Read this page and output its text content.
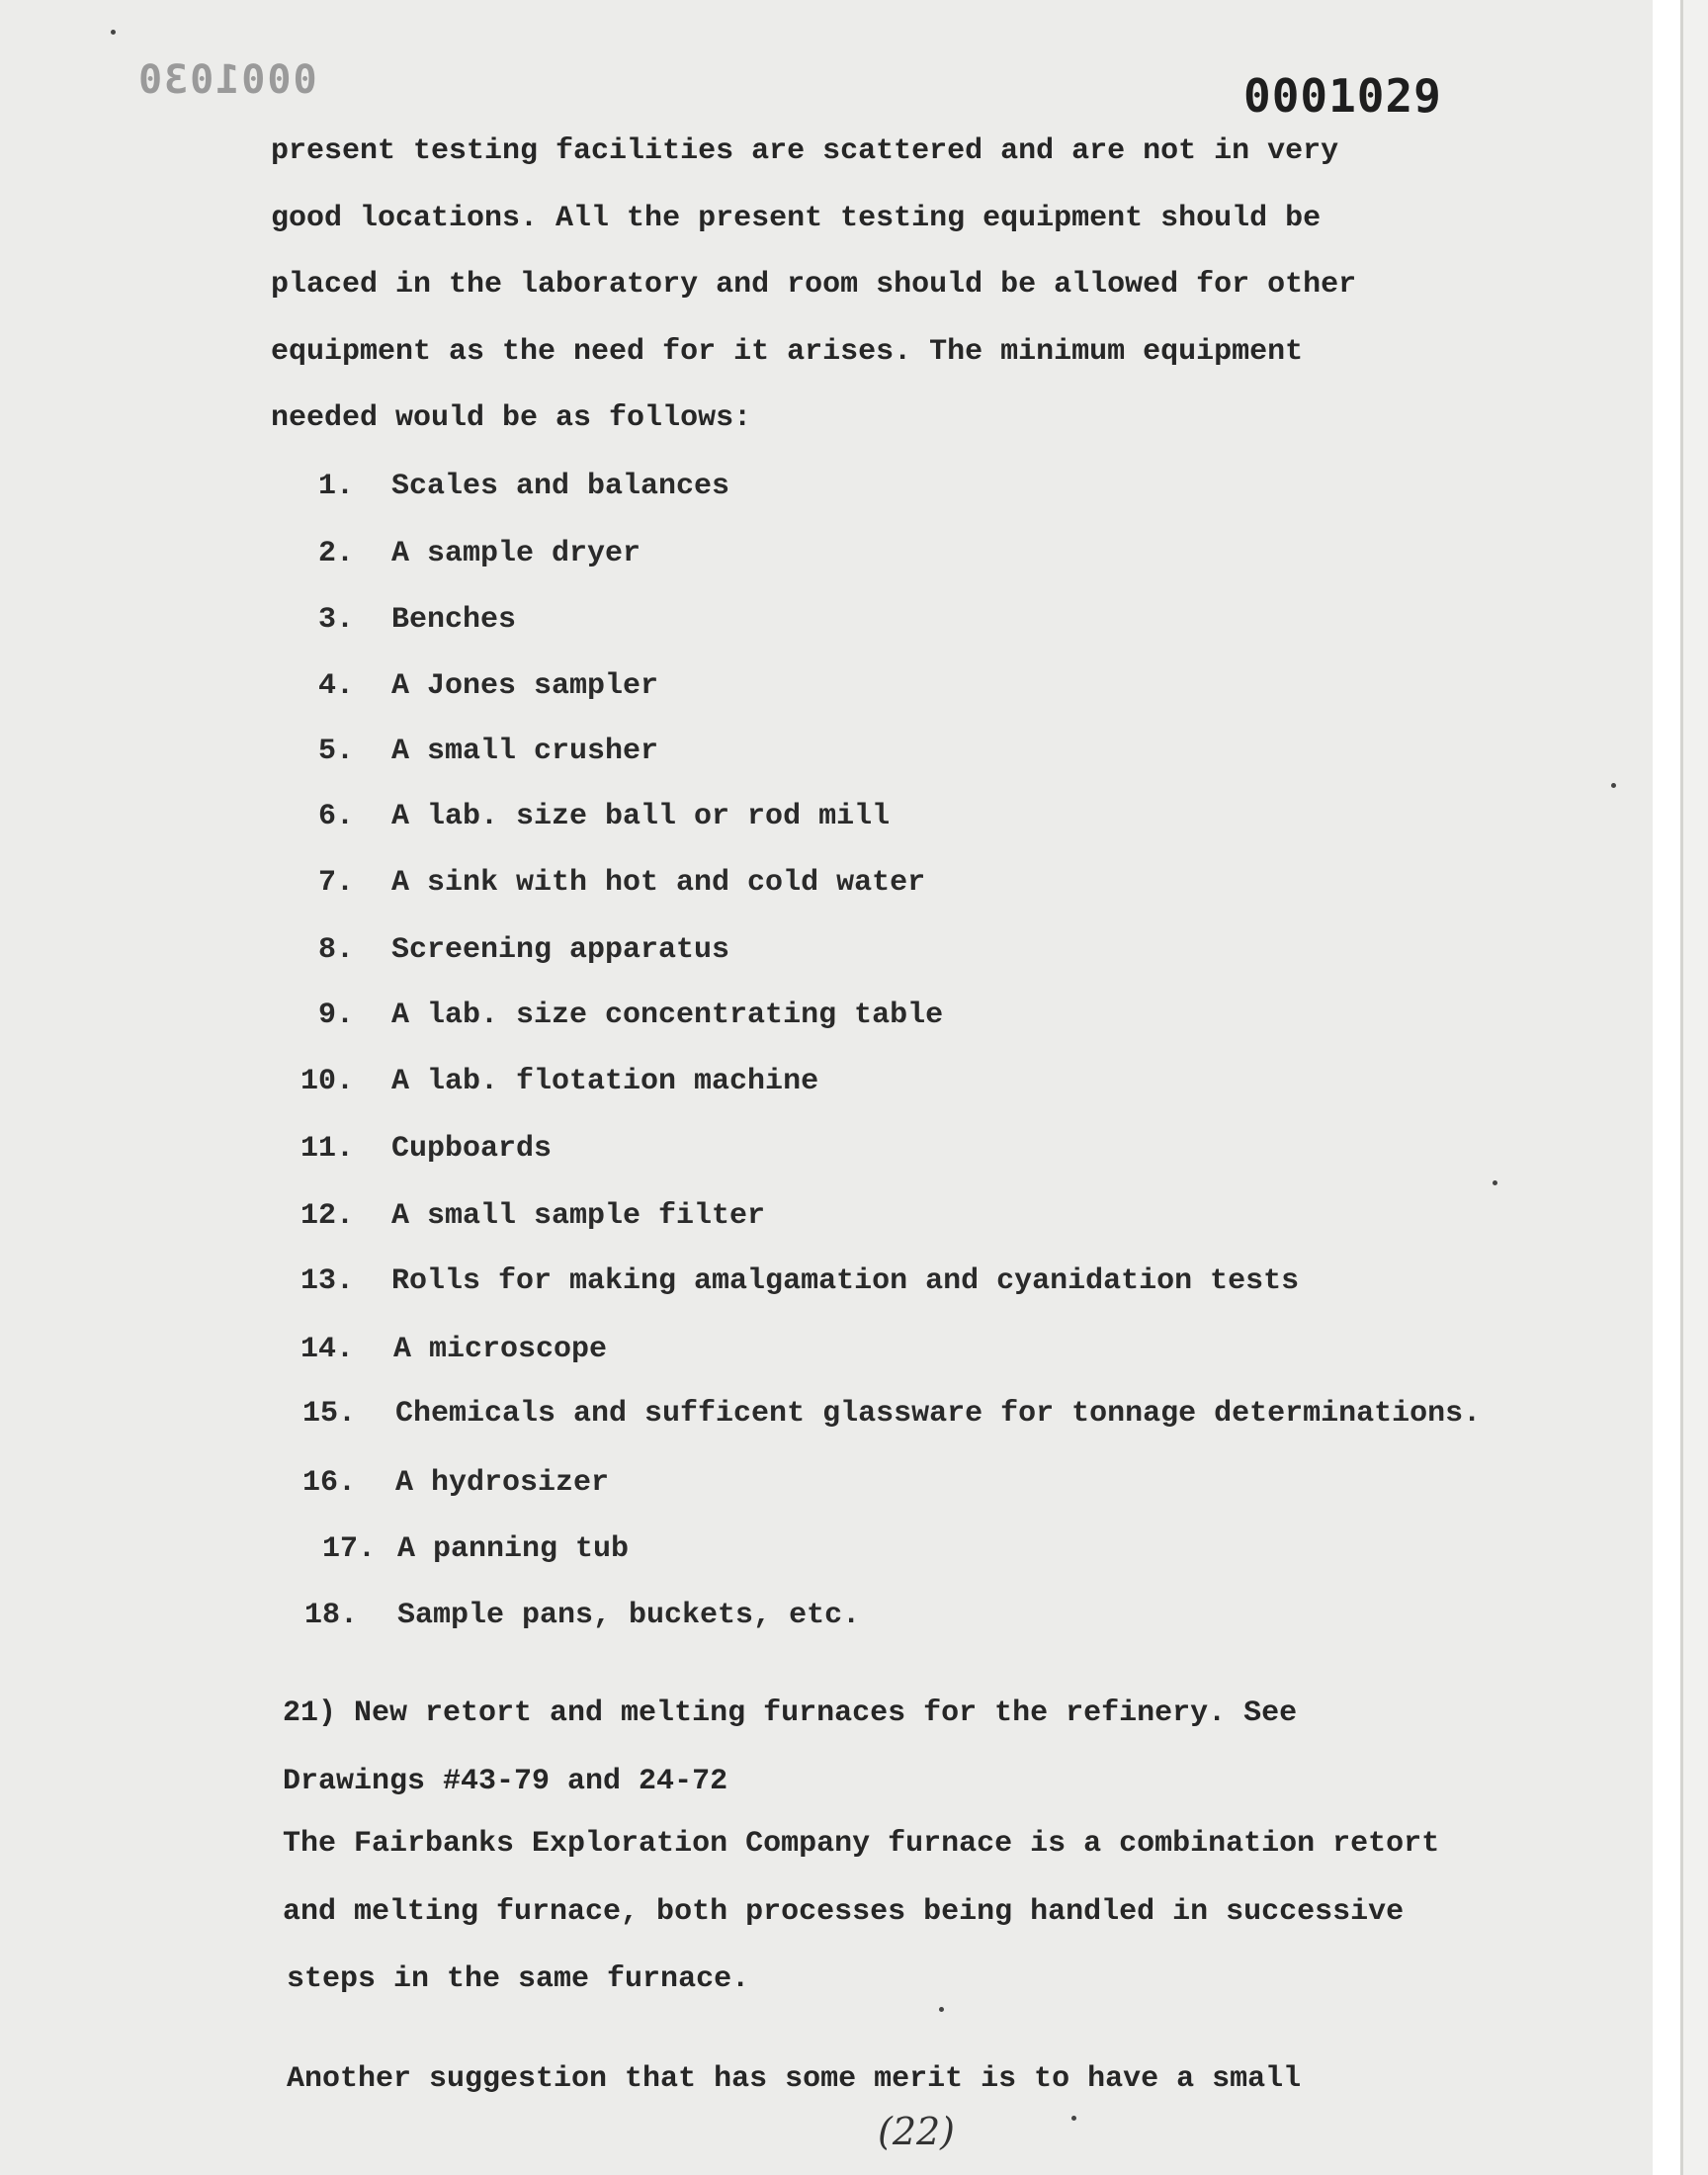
0001030	0001029
present testing facilities are scattered and are not in very
good locations. All the present testing equipment should be
placed in the laboratory and room should be allowed for other
equipment as the need for it arises. The minimum equipment
needed would be as follows:
1. Scales and balances
2. A sample dryer
3. Benches
4. A Jones sampler
5. A small crusher
6. A lab. size ball or rod mill
7. A sink with hot and cold water
8. Screening apparatus
9. A lab. size concentrating table
10. A lab. flotation machine
11. Cupboards
12. A small sample filter
13. Rolls for making amalgamation and cyanidation tests
14. A microscope
15. Chemicals and sufficent glassware for tonnage determinations.
16. A hydrosizer
17. A panning tub
18. Sample pans, buckets, etc.
21) New retort and melting furnaces for the refinery. See
Drawings #43-79 and 24-72
The Fairbanks Exploration Company furnace is a combination retort
and melting furnace, both processes being handled in successive
steps in the same furnace.
Another suggestion that has some merit is to have a small
(22)
